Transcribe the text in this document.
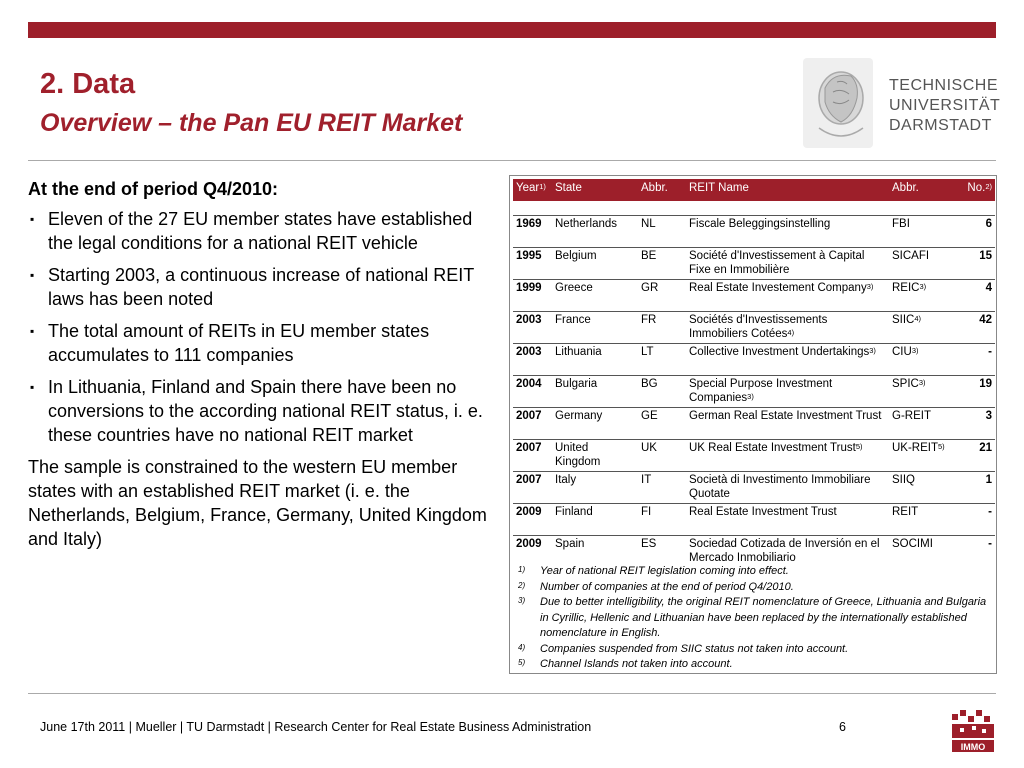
2. Data
Overview – the Pan EU REIT Market
TECHNISCHE
UNIVERSITÄT
DARMSTADT
At the end of period Q4/2010:
▪ Eleven of the 27 EU member states have established the legal conditions for a national REIT vehicle
▪ Starting 2003, a continuous increase of national REIT laws has been noted
▪ The total amount of REITs in EU member states accumulates to 111 companies
▪ In Lithuania, Finland and Spain there have been no conversions to the according national REIT status, i. e. these countries have no national REIT market
The sample is constrained to the western EU member states with an established REIT market (i. e. the Netherlands, Belgium, France, Germany, United Kingdom and Italy)
Year$^{1)}$	State	Abbr.	REIT Name	Abbr.	No.$^{2)}$

1969	Netherlands	NL	Fiscale Beleggingsinstelling	FBI	6
1995	Belgium	BE	Société d'Investissement à Capital Fixe en Immobilière	SICAFI	15
1999	Greece	GR	Real Estate Investement Company$^{3)}$	REIC$^{3)}$	4
2003	France	FR	Sociétés d'Investissements Immobiliers Cotées$^{4)}$	SIIC$^{4)}$	42
2003	Lithuania	LT	Collective Investment Undertakings$^{3)}$	CIU$^{3)}$	-
2004	Bulgaria	BG	Special Purpose Investment Companies$^{3)}$	SPIC$^{3)}$	19
2007	Germany	GE	German Real Estate Investment Trust	G-REIT	3
2007	United Kingdom	UK	UK Real Estate Investment Trust$^{5)}$	UK-REIT$^{5)}$	21
2007	Italy	IT	Società di Investimento Immobiliare Quotate	SIIQ	1
2009	Finland	FI	Real Estate Investment Trust	REIT	-
2009	Spain	ES	Sociedad Cotizada de Inversión en el Mercado Inmobiliario	SOCIMI	-
1) Year of national REIT legislation coming into effect.
2) Number of companies at the end of period Q4/2010.
3) Due to better intelligibility, the original REIT nomenclature of Greece, Lithuania and Bulgaria in Cyrillic, Hellenic and Lithuanian have been replaced by the internationally established nomenclature in English.
4) Companies suspended from SIIC status not taken into account.
5) Channel Islands not taken into account.
June 17th 2011 | Mueller | TU Darmstadt | Research Center for Real Estate Business Administration	6
IMMO
